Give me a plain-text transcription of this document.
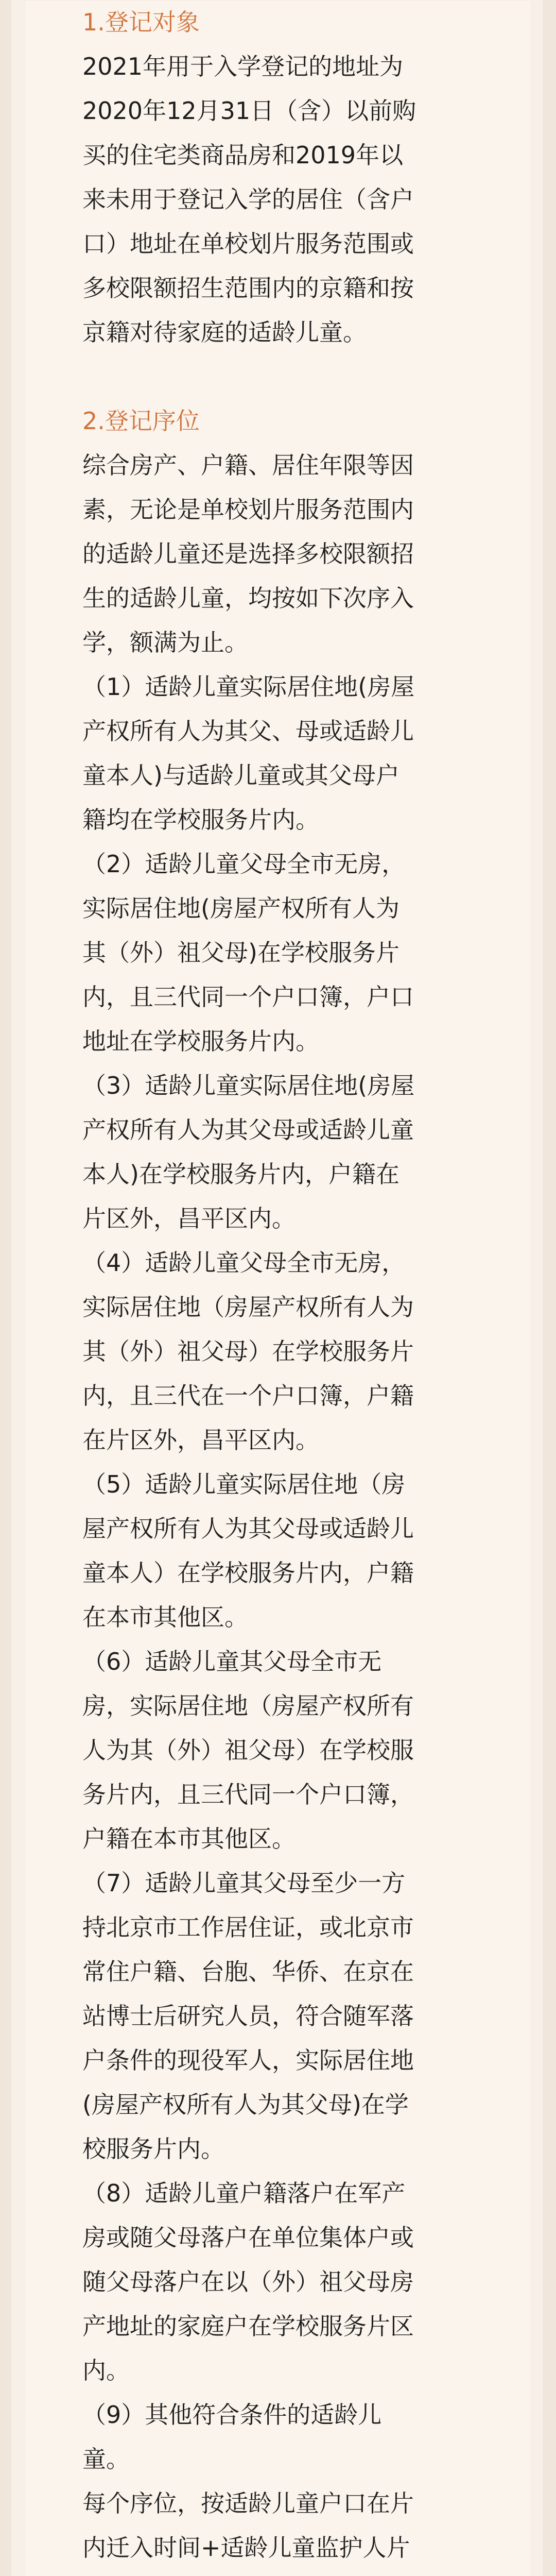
1.登记对象
2021年用于入学登记的地址为
2020年12月31日（含）以前购
买的住宅类商品房和2019年以
来未用于登记入学的居住（含户
口）地址在单校划片服务范围或
多校限额招生范围内的京籍和按
京籍对待家庭的适龄儿童。
2.登记序位
综合房产、户籍、居住年限等因
素，无论是单校划片服务范围内
的适龄儿童还是选择多校限额招
生的适龄儿童，均按如下次序入
学，额满为止。
（1）适龄儿童实际居住地(房屋
产权所有人为其父、母或适龄儿
童本人)与适龄儿童或其父母户
籍均在学校服务片内。
（2）适龄儿童父母全市无房，
实际居住地(房屋产权所有人为
其（外）祖父母)在学校服务片
内，且三代同一个户口簿，户口
地址在学校服务片内。
（3）适龄儿童实际居住地(房屋
产权所有人为其父母或适龄儿童
本人)在学校服务片内，户籍在
片区外，昌平区内。
（4）适龄儿童父母全市无房，
实际居住地（房屋产权所有人为
其（外）祖父母）在学校服务片
内，且三代在一个户口簿，户籍
在片区外，昌平区内。
（5）适龄儿童实际居住地（房
屋产权所有人为其父母或适龄儿
童本人）在学校服务片内，户籍
在本市其他区。
（6）适龄儿童其父母全市无
房，实际居住地（房屋产权所有
人为其（外）祖父母）在学校服
务片内，且三代同一个户口簿，
户籍在本市其他区。
（7）适龄儿童其父母至少一方
持北京市工作居住证，或北京市
常住户籍、台胞、华侨、在京在
站博士后研究人员，符合随军落
户条件的现役军人，实际居住地
(房屋产权所有人为其父母)在学
校服务片内。
（8）适龄儿童户籍落户在军产
房或随父母落户在单位集体户或
随父母落户在以（外）祖父母房
产地址的家庭户在学校服务片区
内。
（9）其他符合条件的适龄儿
童。
每个序位，按适龄儿童户口在片
内迁入时间+适龄儿童监护人片
